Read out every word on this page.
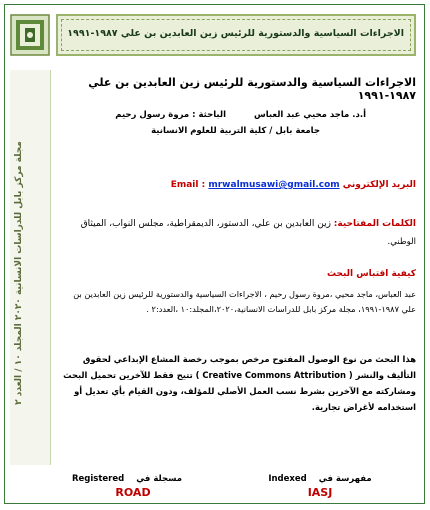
الاجراءات السياسية والدستورية للرئيس زين العابدين بن علي ١٩٨٧-١٩٩١
مجلة مركز بابل للدراسات الانسانية ٢٠٢٠ المجلد ١٠ / العدد ٢
الاجراءات السياسية والدستورية للرئيس زين العابدين بن علي ١٩٨٧-١٩٩١
أ.د. ماجد محيي عبد العباس
الباحثة : مروة رسول رحيم
جامعة بابل / كلية التربية للعلوم الانسانية
البريد الإلكتروني Email : mrwalmusawi@gmail.com
الكلمات المفتاحية: زين العابدين بن علي، الدستور، الديمقراطية، مجلس النواب، الميثاق
الوطني.
كيفية اقتباس البحث
عبد العباس، ماجد محيي ،مروة رسول رحيم ، الاجراءات السياسية والدستورية للرئيس زين العابدين بن علي ١٩٨٧-١٩٩١، مجلة مركز بابل للدراسات الانسانية،٢٠٢٠،المجلد:١٠ ،العدد:٢ .
هذا البحث من نوع الوصول المفتوح مرخص بموجب رخصة المشاع الإبداعي لحقوق التأليف والنشر ( Creative Commons Attribution ) تتيح فقط للآخرين تحميل البحث ومشاركته مع الآخرين بشرط نسب العمل الأصلي للمؤلف، ودون القيام بأي تعديل أو استخدامه لأغراض تجارية.
مسجلة فيRegistered
ROAD
مفهرسة فيIndexed
IASJ
